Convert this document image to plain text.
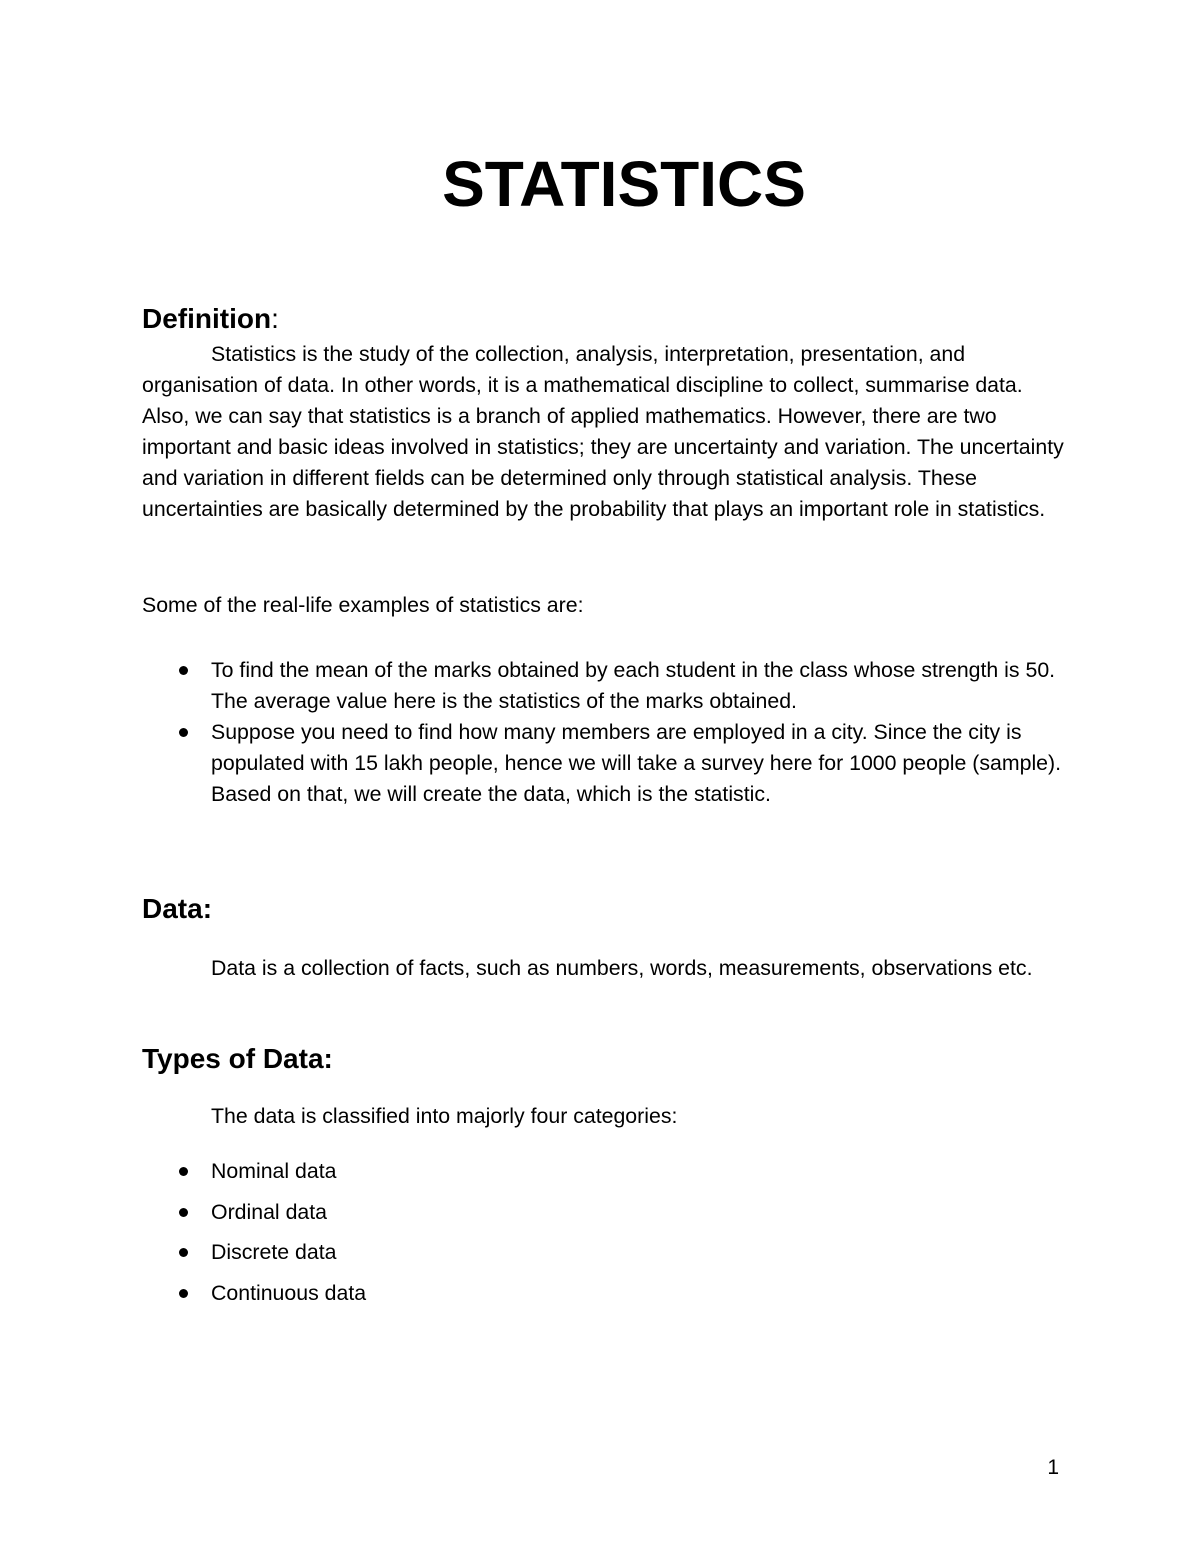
STATISTICS
Definition:

Statistics is the study of the collection, analysis, interpretation, presentation, and organisation of data. In other words, it is a mathematical discipline to collect, summarise data. Also, we can say that statistics is a branch of applied mathematics. However, there are two important and basic ideas involved in statistics; they are uncertainty and variation. The uncertainty and variation in different fields can be determined only through statistical analysis. These uncertainties are basically determined by the probability that plays an important role in statistics.

Some of the real-life examples of statistics are:

To find the mean of the marks obtained by each student in the class whose strength is 50. The average value here is the statistics of the marks obtained.
Suppose you need to find how many members are employed in a city. Since the city is populated with 15 lakh people, hence we will take a survey here for 1000 people (sample). Based on that, we will create the data, which is the statistic.
Data:

Data is a collection of facts, such as numbers, words, measurements, observations etc.

Types of Data:

The data is classified into majorly four categories:

Nominal data
Ordinal data
Discrete data
Continuous data
1
